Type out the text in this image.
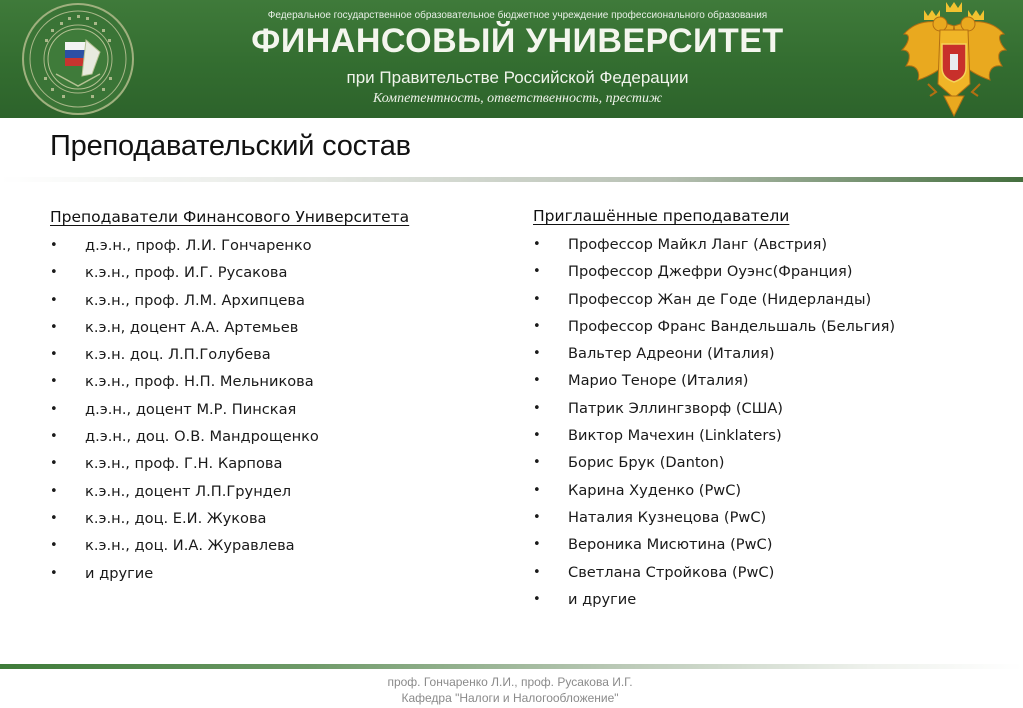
Федеральное государственное образовательное бюджетное учреждение профессионального образования
ФИНАНСОВЫЙ УНИВЕРСИТЕТ
при Правительстве Российской Федерации
Компетентность, ответственность, престиж
Преподавательский состав
Преподаватели Финансового Университета
• д.э.н., проф. Л.И. Гончаренко
• к.э.н., проф. И.Г. Русакова
• к.э.н., проф. Л.М. Архипцева
• к.э.н, доцент А.А. Артемьев
• к.э.н. доц. Л.П.Голубева
• к.э.н., проф. Н.П. Мельникова
• д.э.н., доцент М.Р. Пинская
• д.э.н., доц. О.В. Мандрощенко
• к.э.н., проф. Г.Н. Карпова
• к.э.н., доцент Л.П.Грундел
• к.э.н., доц. Е.И. Жукова
• к.э.н., доц. И.А. Журавлева
• и другие
Приглашённые преподаватели
• Профессор Майкл Ланг (Австрия)
• Профессор Джефри Оуэнс(Франция)
• Профессор Жан де Годе (Нидерланды)
• Профессор Франс Вандельшаль (Бельгия)
• Вальтер Адреони (Италия)
• Марио Теноре (Италия)
• Патрик Эллингзворф (США)
• Виктор Мачехин (Linklaters)
• Борис Брук (Danton)
• Карина Худенко (PwC)
• Наталия Кузнецова (PwC)
• Вероника Мисютина (PwC)
• Светлана Стройкова (PwC)
• и другие
проф. Гончаренко Л.И., проф. Русакова И.Г.
Кафедра "Налоги и Налогообложение"
